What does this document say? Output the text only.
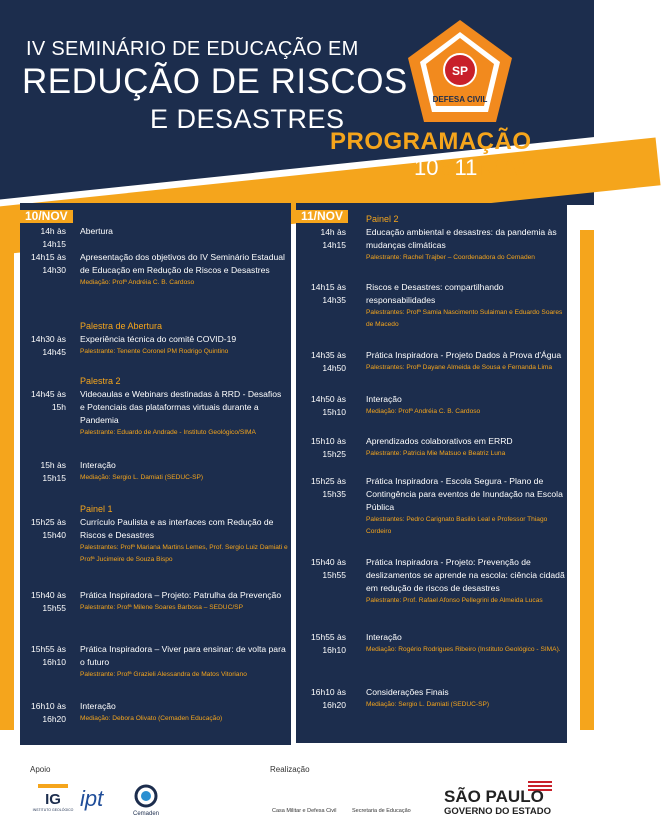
IV SEMINÁRIO DE EDUCAÇÃO EM
REDUÇÃO DE RISCOS
E DESASTRES
SP
DEFESA CIVIL
PROGRAMAÇÃO
10 e 11NOV
10/NOV
14h às 14h15
Abertura
14h15 às 14h30
Apresentação dos objetivos do IV Seminário Estadual de Educação em Redução de Riscos e Desastres
Mediação: Profª Andréia C. B. Cardoso
14h30 às 14h45
Palestra de Abertura
Experiência técnica do comitê COVID-19
Palestrante: Tenente Coronel PM Rodrigo Quintino
14h45 às 15h
Palestra 2
Videoaulas e Webinars destinadas à RRD - Desafios e Potenciais das plataformas virtuais durante a Pandemia
Palestrante: Eduardo de Andrade - Instituto Geológico/SIMA
15h às 15h15
Interação
Mediação: Sergio L. Damiati (SEDUC-SP)
15h25 às 15h40
Painel 1
Currículo Paulista e as interfaces com Redução de Riscos e Desastres
Palestrantes: Profª Mariana Martins Lemes, Prof. Sergio Luiz Damiati e Profª Jucimeire de Souza Bispo
15h40 às 15h55
Prática Inspiradora – Projeto: Patrulha da Prevenção
Palestrante: Profª Milene Soares Barbosa – SEDUC/SP
15h55 às 16h10
Prática Inspiradora – Viver para ensinar: de volta para o futuro
Palestrante: Profª Grazieli Alessandra de Matos Vitoriano
16h10 às 16h20
Interação
Mediação: Debora Olivato (Cemaden Educação)
11/NOV
14h às 14h15
Painel 2
Educação ambiental e desastres: da pandemia às mudanças climáticas
Palestrante: Rachel Trajber – Coordenadora do Cemaden
14h15 às 14h35
Riscos e Desastres: compartilhando responsabilidades
Palestrantes: Profª Samia Nascimento Sulaiman e Eduardo Soares de Macedo
14h35 às 14h50
Prática Inspiradora - Projeto Dados à Prova d'Água
Palestrantes: Profª Dayane Almeida de Sousa e Fernanda Lima
14h50 às 15h10
Interação
Mediação: Profª Andréia C. B. Cardoso
15h10 às 15h25
Aprendizados colaborativos em ERRD
Palestrante: Patricia Mie Matsuo e Beatriz Luna
15h25 às 15h35
Prática Inspiradora - Escola Segura - Plano de Contingência para eventos de Inundação na Escola Pública
Palestrantes: Pedro Carignato Basilio Leal e Professor Thiago Cordeiro
15h40 às 15h55
Prática Inspiradora - Projeto: Prevenção de deslizamentos se aprende na escola: ciência cidadã em redução de riscos de desastres
Palestrante: Prof. Rafael Afonso Pellegrini de Almeida Lucas
15h55 às 16h10
Interação
Mediação: Rogério Rodrigues Ribeiro (Instituto Geológico - SIMA).
16h10 às 16h20
Considerações Finais
Mediação: Sergio L. Damiati (SEDUC-SP)
Apoio	Realização
IG
INSTITUTO GEOLÓGICO ipt
Cemaden	Casa Militar e Defesa Civil	Secretaria de Educação
SÃO PAULO
GOVERNO DO ESTADO
